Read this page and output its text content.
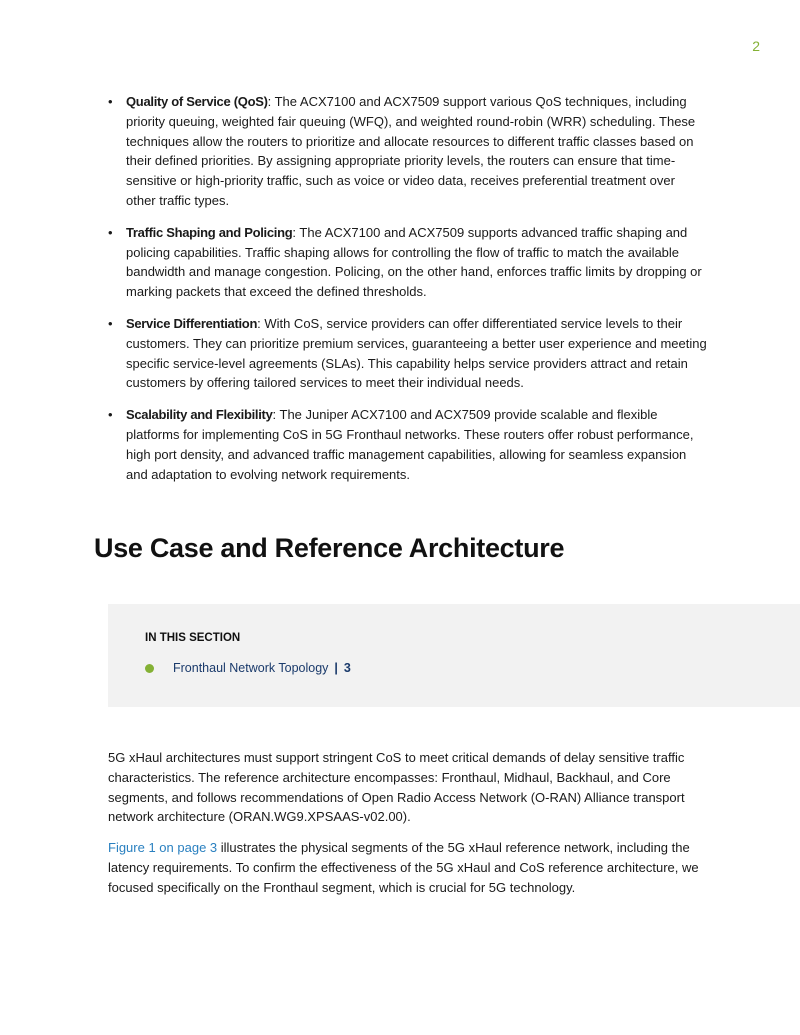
2
• Quality of Service (QoS): The ACX7100 and ACX7509 support various QoS techniques, including priority queuing, weighted fair queuing (WFQ), and weighted round-robin (WRR) scheduling. These techniques allow the routers to prioritize and allocate resources to different traffic classes based on their defined priorities. By assigning appropriate priority levels, the routers can ensure that time-sensitive or high-priority traffic, such as voice or video data, receives preferential treatment over other traffic types.
• Traffic Shaping and Policing: The ACX7100 and ACX7509 supports advanced traffic shaping and policing capabilities. Traffic shaping allows for controlling the flow of traffic to match the available bandwidth and manage congestion. Policing, on the other hand, enforces traffic limits by dropping or marking packets that exceed the defined thresholds.
• Service Differentiation: With CoS, service providers can offer differentiated service levels to their customers. They can prioritize premium services, guaranteeing a better user experience and meeting specific service-level agreements (SLAs). This capability helps service providers attract and retain customers by offering tailored services to meet their individual needs.
• Scalability and Flexibility: The Juniper ACX7100 and ACX7509 provide scalable and flexible platforms for implementing CoS in 5G Fronthaul networks. These routers offer robust performance, high port density, and advanced traffic management capabilities, allowing for seamless expansion and adaptation to evolving network requirements.
Use Case and Reference Architecture
IN THIS SECTION
Fronthaul Network Topology | 3

5G xHaul architectures must support stringent CoS to meet critical demands of delay sensitive traffic characteristics. The reference architecture encompasses: Fronthaul, Midhaul, Backhaul, and Core segments, and follows recommendations of Open Radio Access Network (O-RAN) Alliance transport network architecture (ORAN.WG9.XPSAAS-v02.00).

Figure 1 on page 3 illustrates the physical segments of the 5G xHaul reference network, including the latency requirements. To confirm the effectiveness of the 5G xHaul and CoS reference architecture, we focused specifically on the Fronthaul segment, which is crucial for 5G technology.
